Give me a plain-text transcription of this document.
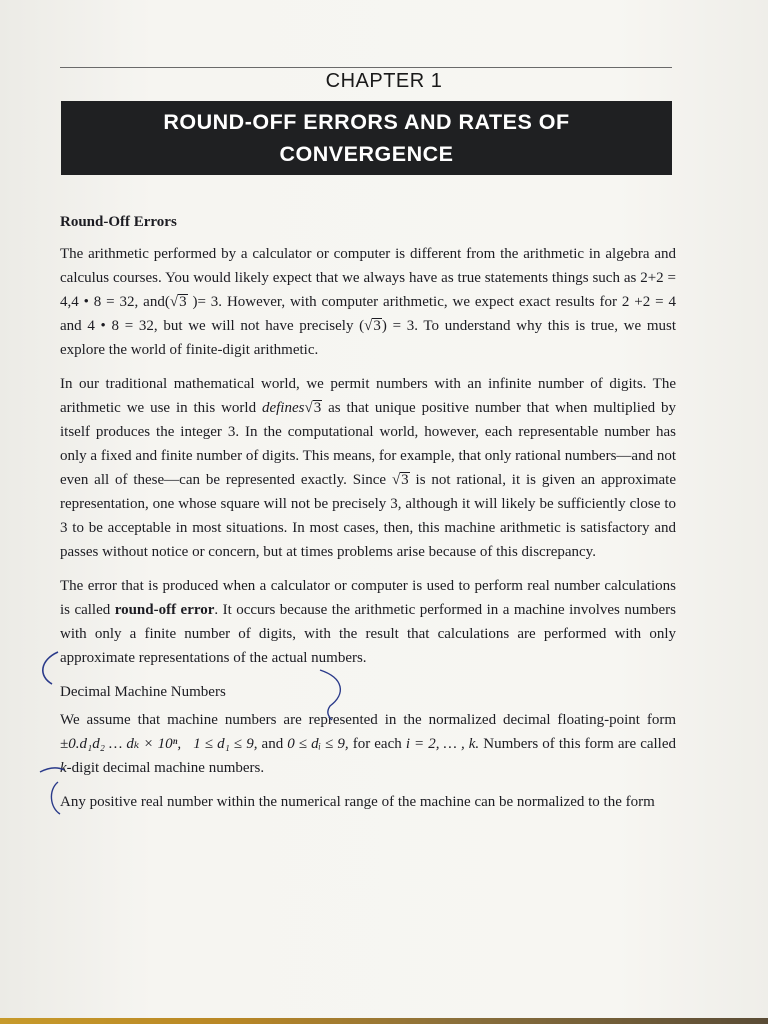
CHAPTER 1
ROUND-OFF ERRORS AND RATES OF
CONVERGENCE
Round-Off Errors

The arithmetic performed by a calculator or computer is different from the arithmetic in algebra and calculus courses. You would likely expect that we always have as true statements things such as 2+2 = 4,4 • 8 = 32, and(√3 )= 3. However, with computer arithmetic, we expect exact results for 2 +2 = 4 and 4 • 8 = 32, but we will not have precisely (√3) = 3. To understand why this is true, we must explore the world of finite-digit arithmetic.

In our traditional mathematical world, we permit numbers with an infinite number of digits. The arithmetic we use in this world defines√3 as that unique positive number that when multiplied by itself produces the integer 3. In the computational world, however, each representable number has only a fixed and finite number of digits. This means, for example, that only rational numbers—and not even all of these—can be represented exactly. Since √3 is not rational, it is given an approximate representation, one whose square will not be precisely 3, although it will likely be sufficiently close to 3 to be acceptable in most situations. In most cases, then, this machine arithmetic is satisfactory and passes without notice or concern, but at times problems arise because of this discrepancy.

The error that is produced when a calculator or computer is used to perform real number calculations is called round-off error. It occurs because the arithmetic performed in a machine involves numbers with only a finite number of digits, with the result that calculations are performed with only approximate representations of the actual numbers.

Decimal Machine Numbers

We assume that machine numbers are represented in the normalized decimal floating-point form ±0.d₁d₂ … dₖ × 10ⁿ, 1 ≤ d₁ ≤ 9, and 0 ≤ dᵢ ≤ 9, for each i = 2, … , k. Numbers of this form are called k-digit decimal machine numbers.

Any positive real number within the numerical range of the machine can be normalized to the form
